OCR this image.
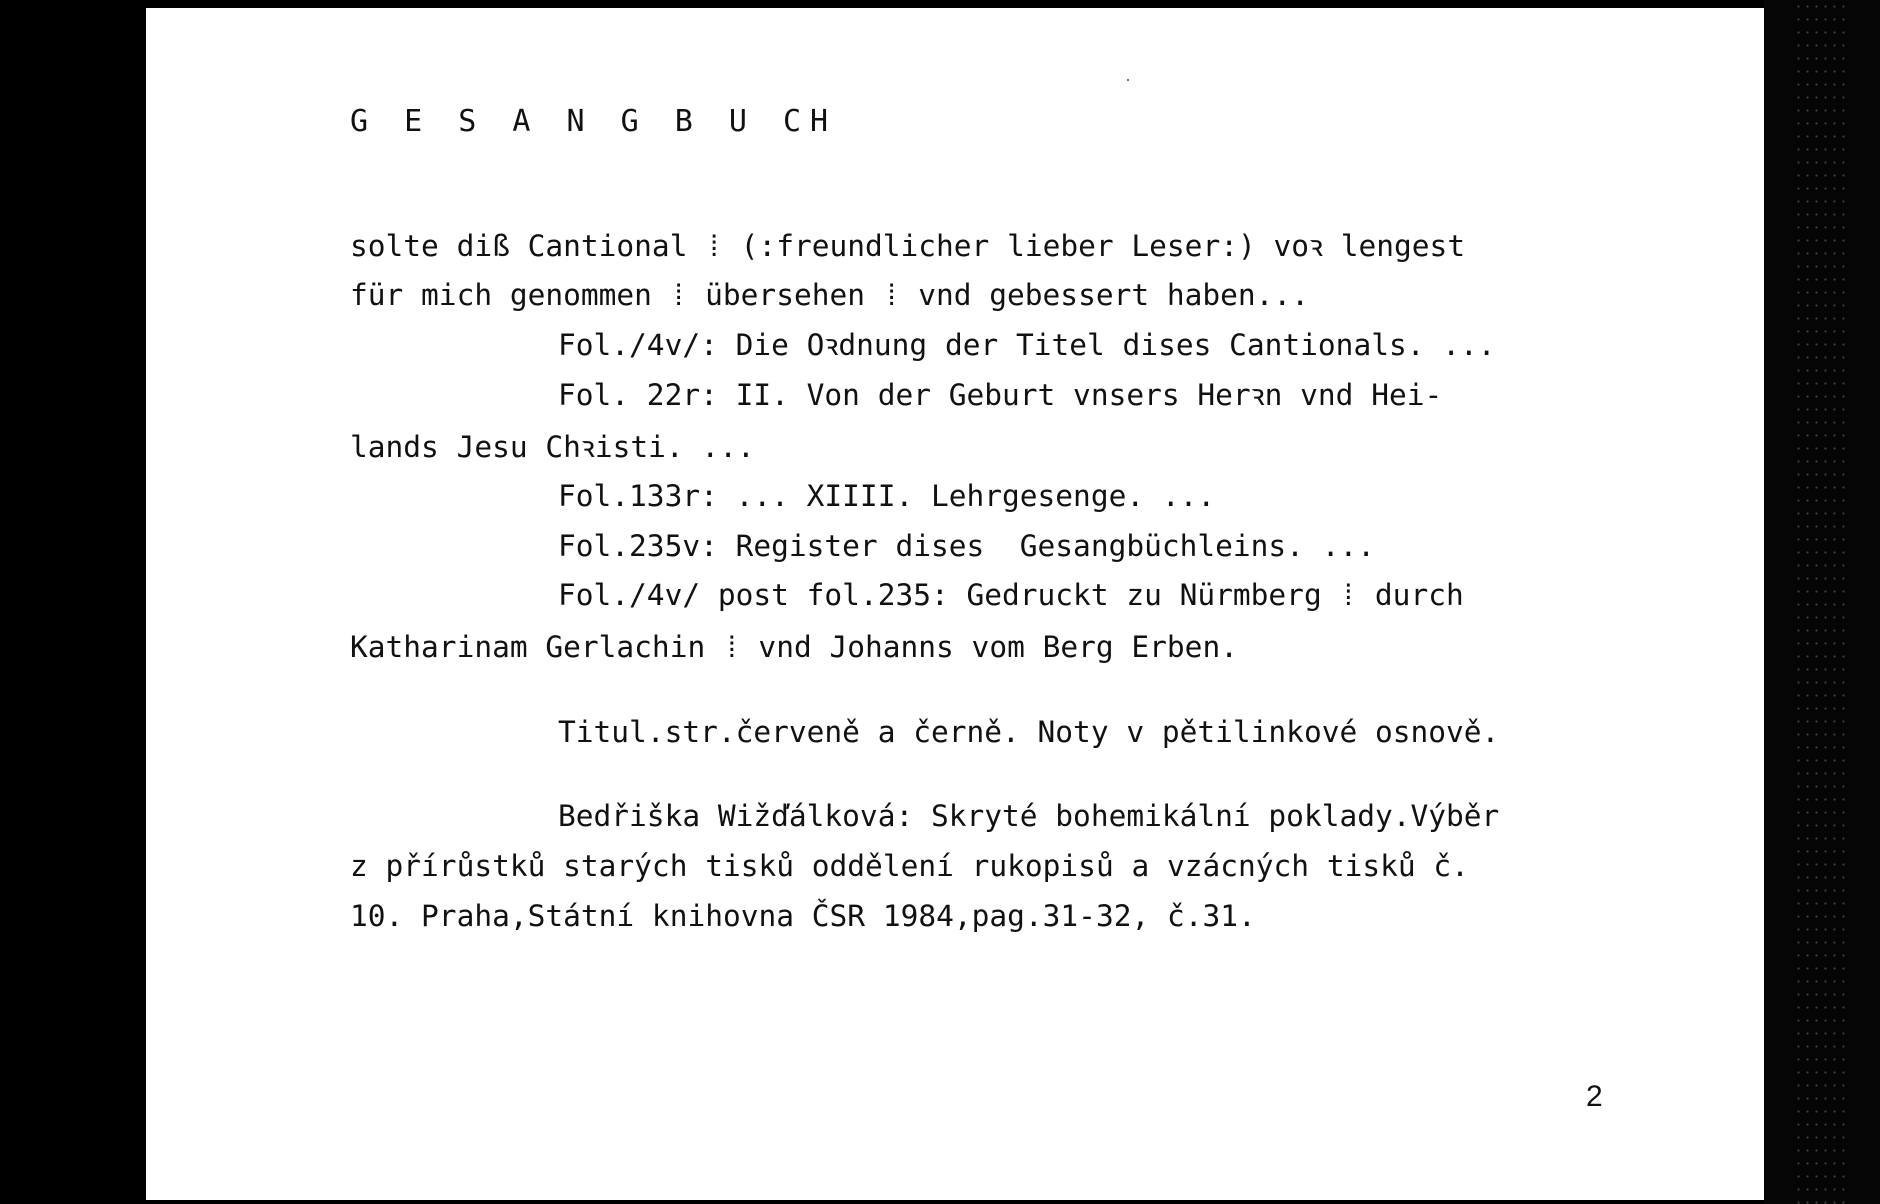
G E S A N G B U CH
solte diß Cantional ⁞ (:freundlicher lieber Leser:) voꝛ lengest
für mich genommen ⁞ übersehen ⁞ vnd gebessert haben...
Fol./4v/: Die Oꝛdnung der Titel dises Cantionals. ...
Fol. 22r: II. Von der Geburt vnsers Herꝛn vnd Hei-
lands Jesu Chꝛisti. ...
Fol.133r: ... XIIII. Lehrgesenge. ...
Fol.235v: Register dises  Gesangbüchleins. ...
Fol./4v/ post fol.235: Gedruckt zu Nürmberg ⁞ durch
Katharinam Gerlachin ⁞ vnd Johanns vom Berg Erben.
Titul.str.červeně a černě. Noty v pětilinkové osnově.
Bedřiška Wižďálková: Skryté bohemikální poklady.Výběr
z přírůstků starých tisků oddělení rukopisů a vzácných tisků č.
10. Praha,Státní knihovna ČSR 1984,pag.31-32, č.31.
2
